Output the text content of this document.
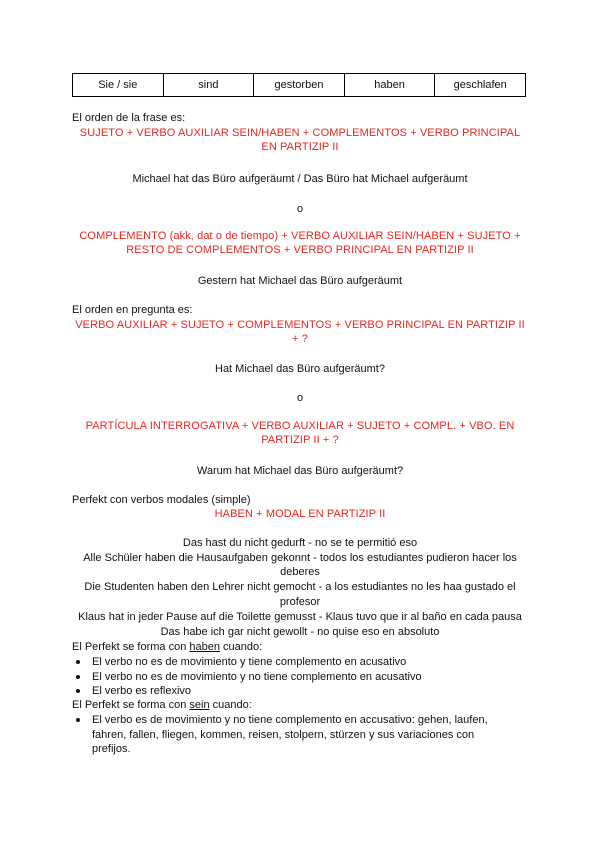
Sie / sie	sind	gestorben	haben	geschlafen
El orden de la frase es:
SUJETO + VERBO AUXILIAR SEIN/HABEN + COMPLEMENTOS + VERBO PRINCIPAL
EN PARTIZIP II
Michael hat das Büro aufgeräumt / Das Büro hat Michael aufgeräumt
o
COMPLEMENTO (akk, dat o de tiempo) + VERBO AUXILIAR SEIN/HABEN + SUJETO +
RESTO DE COMPLEMENTOS + VERBO PRINCIPAL EN PARTIZIP II
Gestern hat Michael das Büro aufgeräumt
El orden en pregunta es:
VERBO AUXILIAR + SUJETO + COMPLEMENTOS + VERBO PRINCIPAL EN PARTIZIP II
+ ?
Hat Michael das Büro aufgeräumt?
o
PARTÍCULA INTERROGATIVA + VERBO AUXILIAR + SUJETO + COMPL. + VBO. EN
PARTIZIP II + ?
Warum hat Michael das Büro aufgeräumt?
Perfekt con verbos modales (simple)
HABEN + MODAL EN PARTIZIP II
Das hast du nicht gedurft - no se te permitió eso
Alle Schüler haben die Hausaufgaben gekonnt - todos los estudiantes pudieron hacer los
deberes
Die Studenten haben den Lehrer nicht gemocht - a los estudiantes no les haa gustado el
profesor
Klaus hat in jeder Pause auf die Toilette gemusst - Klaus tuvo que ir al baño en cada pausa
Das habe ich gar nicht gewollt - no quise eso en absoluto
El Perfekt se forma con haben cuando:
El verbo no es de movimiento y tiene complemento en acusativo
El verbo no es de movimiento y no tiene complemento en acusativo
El verbo es reflexivo
El Perfekt se forma con sein cuando:
El verbo es de movimiento y no tiene complemento en accusativo: gehen, laufen, fahren, fallen, fliegen, kommen, reisen, stolpern, stürzen y sus variaciones con prefijos.
